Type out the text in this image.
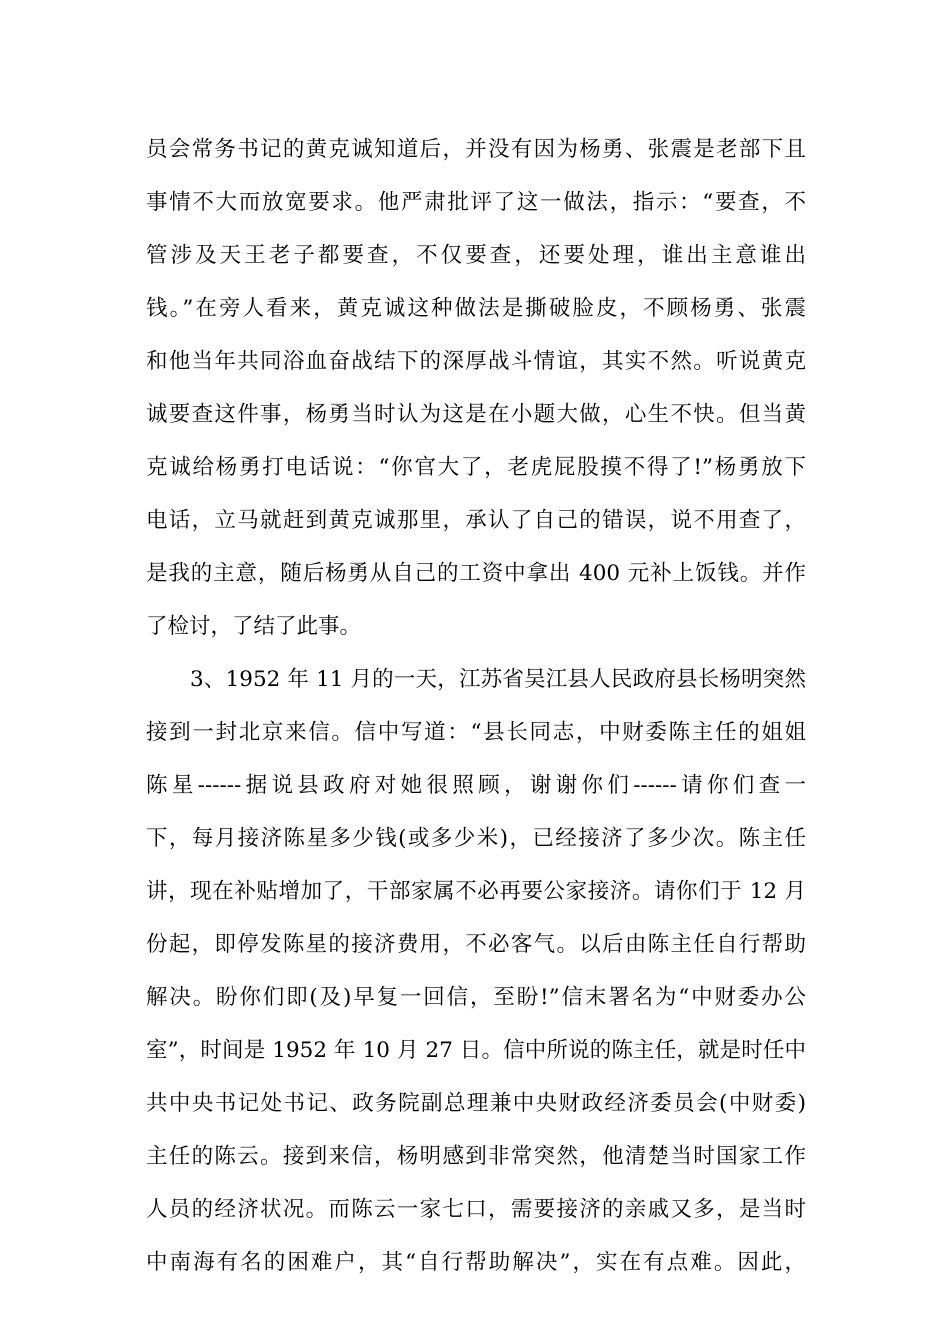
员会常务书记的黄克诚知道后，并没有因为杨勇、张震是老部下且
事情不大而放宽要求。他严肃批评了这一做法，指示：“要查，不
管涉及天王老子都要查，不仅要查，还要处理，谁出主意谁出
钱。”在旁人看来，黄克诚这种做法是撕破脸皮，不顾杨勇、张震
和他当年共同浴血奋战结下的深厚战斗情谊，其实不然。听说黄克
诚要查这件事，杨勇当时认为这是在小题大做，心生不快。但当黄
克诚给杨勇打电话说：“你官大了，老虎屁股摸不得了!”杨勇放下
电话，立马就赶到黄克诚那里，承认了自己的错误，说不用查了，
是我的主意，随后杨勇从自己的工资中拿出 400 元补上饭钱。并作
了检讨，了结了此事。
3、1952 年 11 月的一天，江苏省吴江县人民政府县长杨明突然
接到一封北京来信。信中写道：“县长同志，中财委陈主任的姐姐
陈星------据说县政府对她很照顾，谢谢你们------请你们查一
下，每月接济陈星多少钱(或多少米)，已经接济了多少次。陈主任
讲，现在补贴增加了，干部家属不必再要公家接济。请你们于 12 月
份起，即停发陈星的接济费用，不必客气。以后由陈主任自行帮助
解决。盼你们即(及)早复一回信，至盼!”信末署名为“中财委办公
室”，时间是 1952 年 10 月 27 日。信中所说的陈主任，就是时任中
共中央书记处书记、政务院副总理兼中央财政经济委员会(中财委)
主任的陈云。接到来信，杨明感到非常突然，他清楚当时国家工作
人员的经济状况。而陈云一家七口，需要接济的亲戚又多，是当时
中南海有名的困难户，其“自行帮助解决”，实在有点难。因此，
